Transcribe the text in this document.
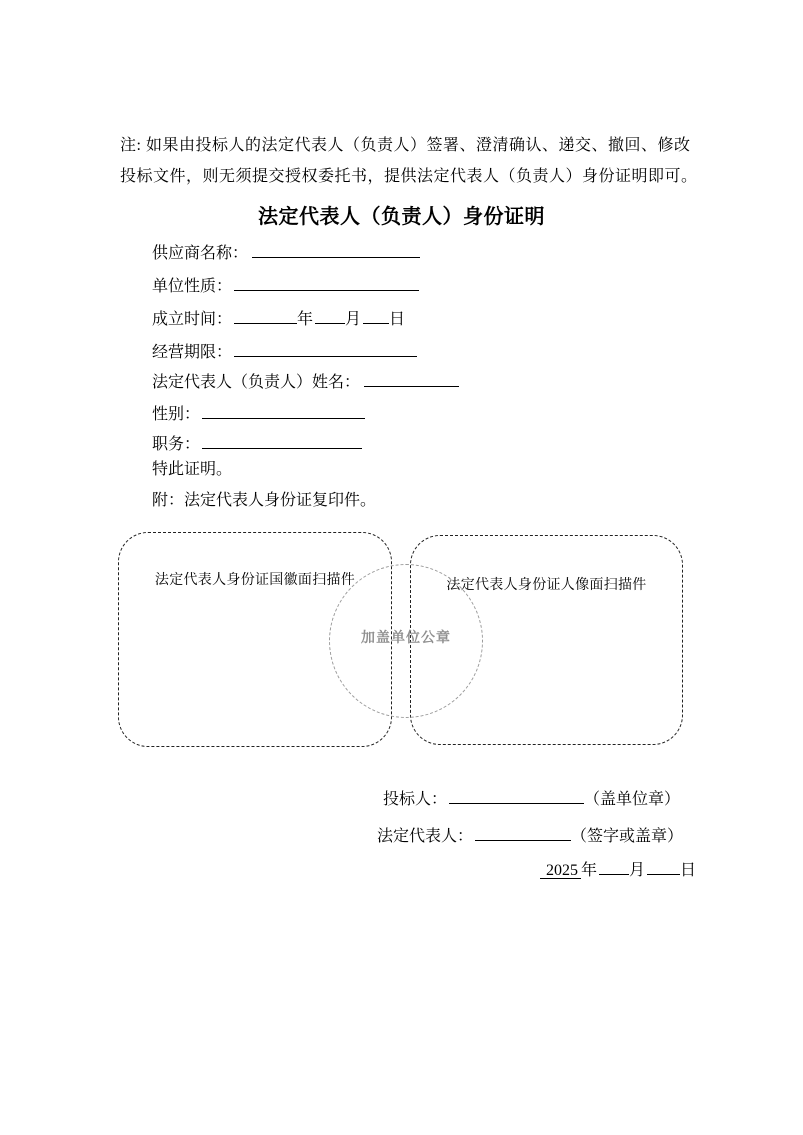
注: 如果由投标人的法定代表人（负责人）签署、澄清确认、递交、撤回、修改
投标文件，则无须提交授权委托书，提供法定代表人（负责人）身份证明即可。
法定代表人（负责人）身份证明
供应商名称：
单位性质：
成立时间：	年 月 日
经营期限：
法定代表人（负责人）姓名：
性别：
职务：
特此证明。
附：法定代表人身份证复印件。
法定代表人身份证国徽面扫描件	法定代表人身份证人像面扫描件
加盖单位公章
投标人：	（盖单位章）
法定代表人：	（签字或盖章）
2025 年 月 日
